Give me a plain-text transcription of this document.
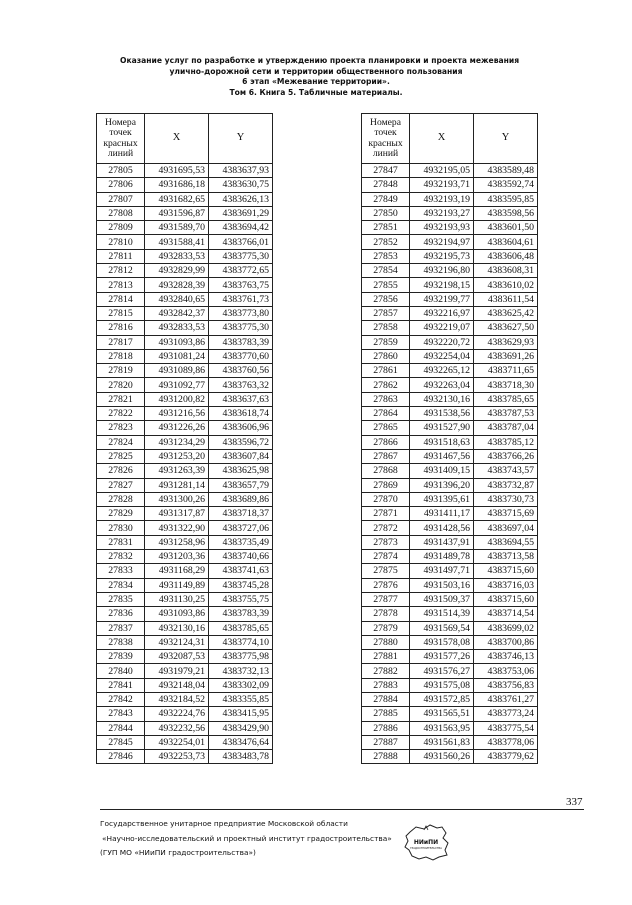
Оказание услуг по разработке и утверждению проекта планировки и проекта межевания
улично-дорожной сети и территории общественного пользования
6 этап «Межевание территории».
Том 6. Книга 5. Табличные материалы.
Номера
точек
красных
линий	X	Y
27805	4931695,53	4383637,93
27806	4931686,18	4383630,75
27807	4931682,65	4383626,13
27808	4931596,87	4383691,29
27809	4931589,70	4383694,42
27810	4931588,41	4383766,01
27811	4932833,53	4383775,30
27812	4932829,99	4383772,65
27813	4932828,39	4383763,75
27814	4932840,65	4383761,73
27815	4932842,37	4383773,80
27816	4932833,53	4383775,30
27817	4931093,86	4383783,39
27818	4931081,24	4383770,60
27819	4931089,86	4383760,56
27820	4931092,77	4383763,32
27821	4931200,82	4383637,63
27822	4931216,56	4383618,74
27823	4931226,26	4383606,96
27824	4931234,29	4383596,72
27825	4931253,20	4383607,84
27826	4931263,39	4383625,98
27827	4931281,14	4383657,79
27828	4931300,26	4383689,86
27829	4931317,87	4383718,37
27830	4931322,90	4383727,06
27831	4931258,96	4383735,49
27832	4931203,36	4383740,66
27833	4931168,29	4383741,63
27834	4931149,89	4383745,28
27835	4931130,25	4383755,75
27836	4931093,86	4383783,39
27837	4932130,16	4383785,65
27838	4932124,31	4383774,10
27839	4932087,53	4383775,98
27840	4931979,21	4383732,13
27841	4932148,04	4383302,09
27842	4932184,52	4383355,85
27843	4932224,76	4383415,95
27844	4932232,56	4383429,90
27845	4932254,01	4383476,64
27846	4932253,73	4383483,78
Номера
точек
красных
линий	X	Y
27847	4932195,05	4383589,48
27848	4932193,71	4383592,74
27849	4932193,19	4383595,85
27850	4932193,27	4383598,56
27851	4932193,93	4383601,50
27852	4932194,97	4383604,61
27853	4932195,73	4383606,48
27854	4932196,80	4383608,31
27855	4932198,15	4383610,02
27856	4932199,77	4383611,54
27857	4932216,97	4383625,42
27858	4932219,07	4383627,50
27859	4932220,72	4383629,93
27860	4932254,04	4383691,26
27861	4932265,12	4383711,65
27862	4932263,04	4383718,30
27863	4932130,16	4383785,65
27864	4931538,56	4383787,53
27865	4931527,90	4383787,04
27866	4931518,63	4383785,12
27867	4931467,56	4383766,26
27868	4931409,15	4383743,57
27869	4931396,20	4383732,87
27870	4931395,61	4383730,73
27871	4931411,17	4383715,69
27872	4931428,56	4383697,04
27873	4931437,91	4383694,55
27874	4931489,78	4383713,58
27875	4931497,71	4383715,60
27876	4931503,16	4383716,03
27877	4931509,37	4383715,60
27878	4931514,39	4383714,54
27879	4931569,54	4383699,02
27880	4931578,08	4383700,86
27881	4931577,26	4383746,13
27882	4931576,27	4383753,06
27883	4931575,08	4383756,83
27884	4931572,85	4383761,27
27885	4931565,51	4383773,24
27886	4931563,95	4383775,54
27887	4931561,83	4383778,06
27888	4931560,26	4383779,62
337
Государственное унитарное предприятие Московской области
«Научно-исследовательский и проектный институт градостроительства»
(ГУП МО «НИиПИ градостроительства»)
НИиПИ
ГРАДОСТРОИТЕЛЬСТВА
